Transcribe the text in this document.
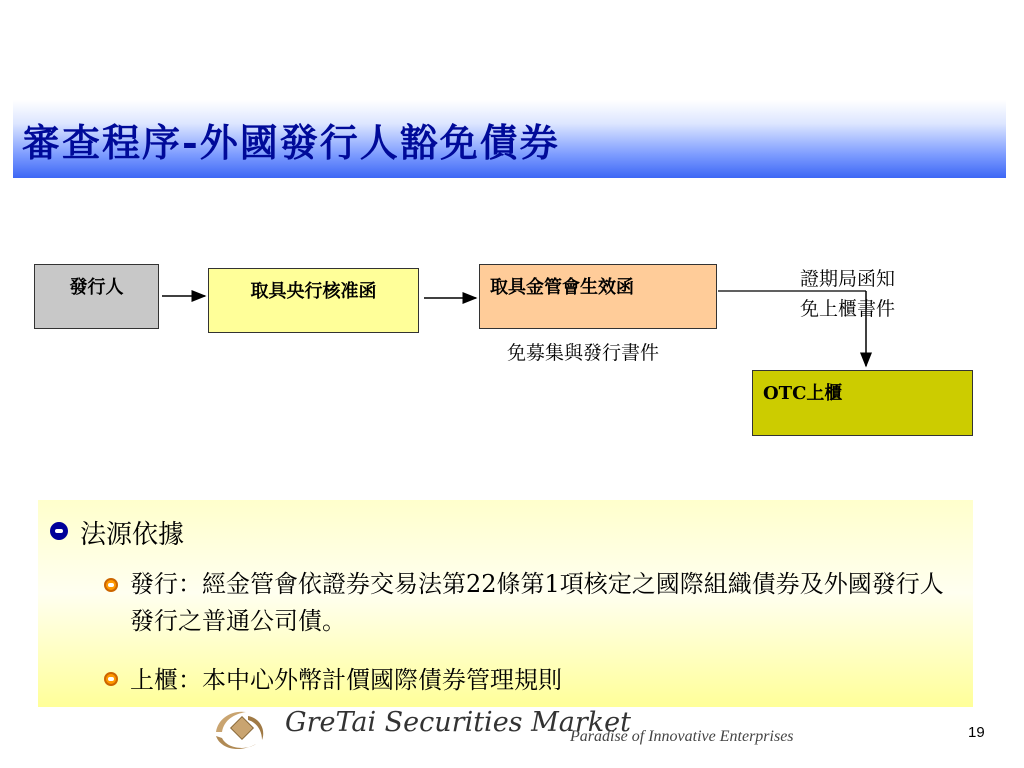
審查程序-外國發行人豁免債券
發行人	取具央行核准函	取具金管會生效函
OTC上櫃
證期局函知
免上櫃書件
免募集與發行書件
法源依據
發行：經金管會依證券交易法第22條第1項核定之國際組織債券及外國發行人發行之普通公司債。
上櫃：本中心外幣計價國際債券管理規則
GreTai Securities Market
Paradise of Innovative Enterprises	19
